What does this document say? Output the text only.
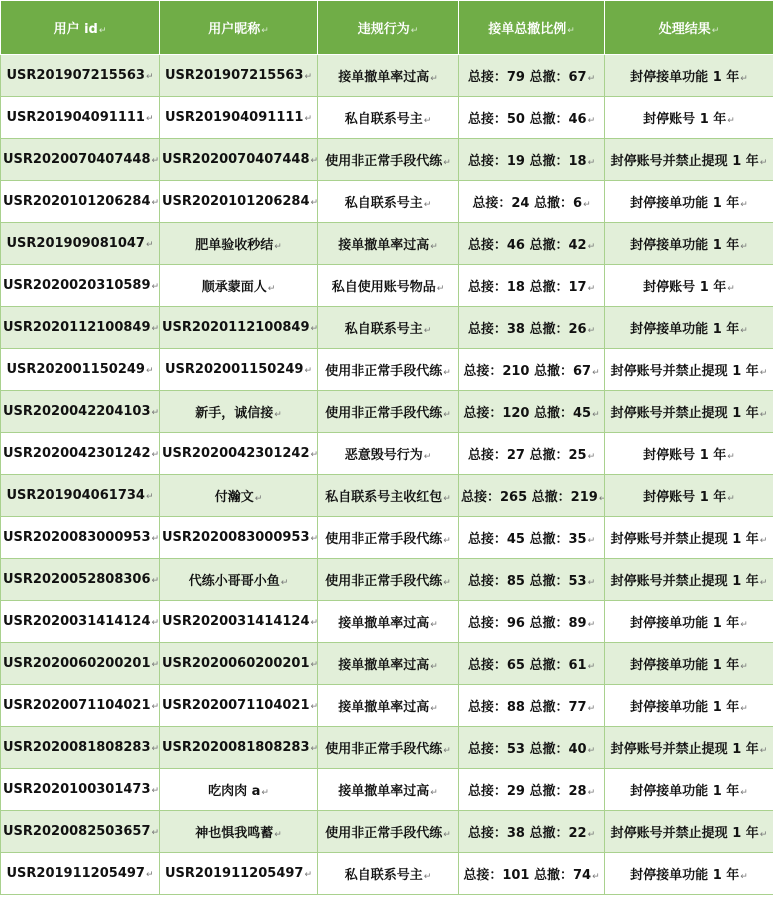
用户 id ↵	用户昵称 ↵	违规行为 ↵	接单总撤比例 ↵	处理结果 ↵
USR201907215563 ↵	USR201907215563 ↵	接单撤单率过高 ↵	总接：79 总撤：67 ↵	封停接单功能 1 年 ↵
USR201904091111 ↵	USR201904091111 ↵	私自联系号主 ↵	总接：50 总撤：46 ↵	封停账号 1 年 ↵
USR2020070407448 ↵	USR2020070407448 ↵	使用非正常手段代练 ↵	总接：19 总撤：18 ↵	封停账号并禁止提现 1 年 ↵
USR2020101206284 ↵	USR2020101206284 ↵	私自联系号主 ↵	总接：24 总撤：6 ↵	封停接单功能 1 年 ↵
USR201909081047 ↵	肥单验收秒结 ↵	接单撤单率过高 ↵	总接：46 总撤：42 ↵	封停接单功能 1 年 ↵
USR2020020310589 ↵	顺承蒙面人 ↵	私自使用账号物品 ↵	总接：18 总撤：17 ↵	封停账号 1 年 ↵
USR2020112100849 ↵	USR2020112100849 ↵	私自联系号主 ↵	总接：38 总撤：26 ↵	封停接单功能 1 年 ↵
USR202001150249 ↵	USR202001150249 ↵	使用非正常手段代练 ↵	总接：210 总撤：67 ↵	封停账号并禁止提现 1 年 ↵
USR2020042204103 ↵	新手，诚信接 ↵	使用非正常手段代练 ↵	总接：120 总撤：45 ↵	封停账号并禁止提现 1 年 ↵
USR2020042301242 ↵	USR2020042301242 ↵	恶意毁号行为 ↵	总接：27 总撤：25 ↵	封停账号 1 年 ↵
USR201904061734 ↵	付瀚文 ↵	私自联系号主收红包 ↵	总接：265 总撤：219 ↵	封停账号 1 年 ↵
USR2020083000953 ↵	USR2020083000953 ↵	使用非正常手段代练 ↵	总接：45 总撤：35 ↵	封停账号并禁止提现 1 年 ↵
USR2020052808306 ↵	代练小哥哥小鱼 ↵	使用非正常手段代练 ↵	总接：85 总撤：53 ↵	封停账号并禁止提现 1 年 ↵
USR2020031414124 ↵	USR2020031414124 ↵	接单撤单率过高 ↵	总接：96 总撤：89 ↵	封停接单功能 1 年 ↵
USR2020060200201 ↵	USR2020060200201 ↵	接单撤单率过高 ↵	总接：65 总撤：61 ↵	封停接单功能 1 年 ↵
USR2020071104021 ↵	USR2020071104021 ↵	接单撤单率过高 ↵	总接：88 总撤：77 ↵	封停接单功能 1 年 ↵
USR2020081808283 ↵	USR2020081808283 ↵	使用非正常手段代练 ↵	总接：53 总撤：40 ↵	封停账号并禁止提现 1 年 ↵
USR2020100301473 ↵	吃肉肉 a ↵	接单撤单率过高 ↵	总接：29 总撤：28 ↵	封停接单功能 1 年 ↵
USR2020082503657 ↵	神也惧我鸣蓄 ↵	使用非正常手段代练 ↵	总接：38 总撤：22 ↵	封停账号并禁止提现 1 年 ↵
USR201911205497 ↵	USR201911205497 ↵	私自联系号主 ↵	总接：101 总撤：74 ↵	封停接单功能 1 年 ↵
